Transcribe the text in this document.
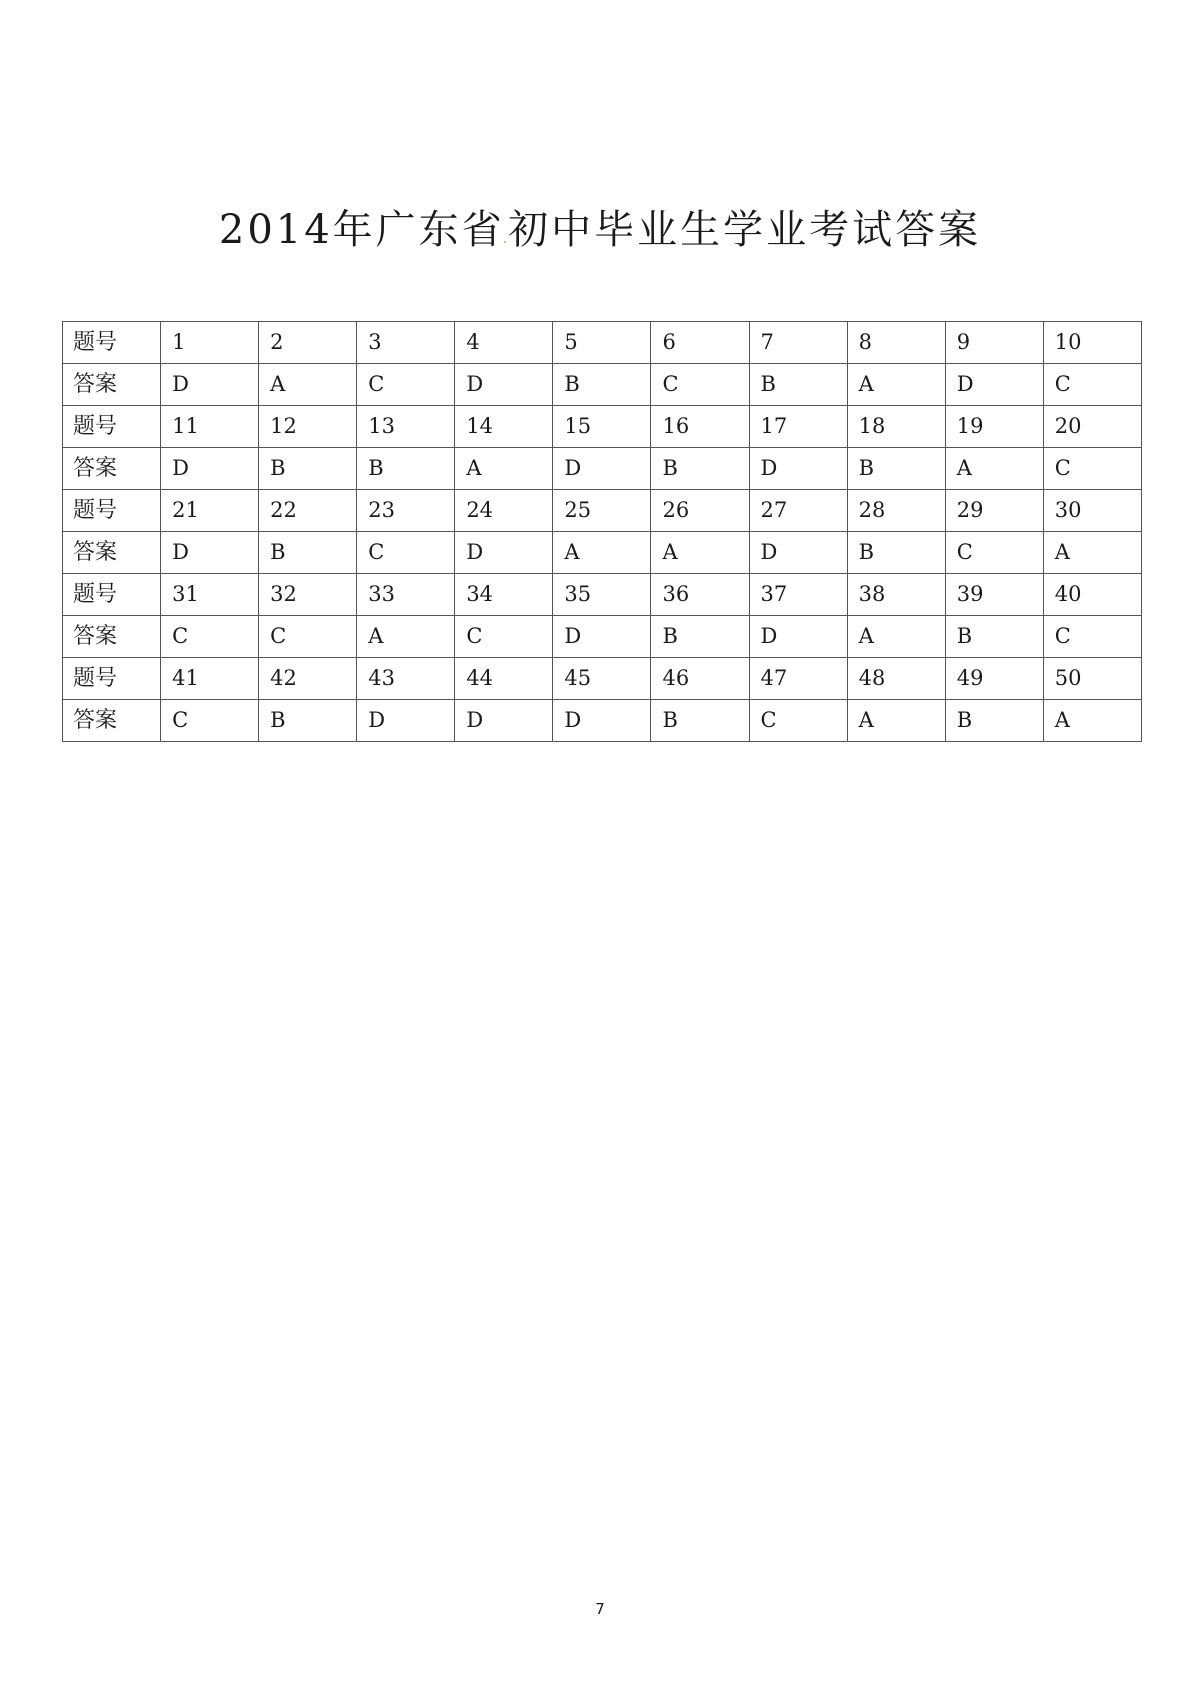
2014年广东省.初中毕业生学业考试答案
题号	1	2	3	4	5	6	7	8	9	10
答案	D	A	C	D	B	C	B	A	D	C
题号	11	12	13	14	15	16	17	18	19	20
答案	D	B	B	A	D	B	D	B	A	C
题号	21	22	23	24	25	26	27	28	29	30
答案	D	B	C	D	A	A	D	B	C	A
题号	31	32	33	34	35	36	37	38	39	40
答案	C	C	A	C	D	B	D	A	B	C
题号	41	42	43	44	45	46	47	48	49	50
答案	C	B	D	D	D	B	C	A	B	A
7
